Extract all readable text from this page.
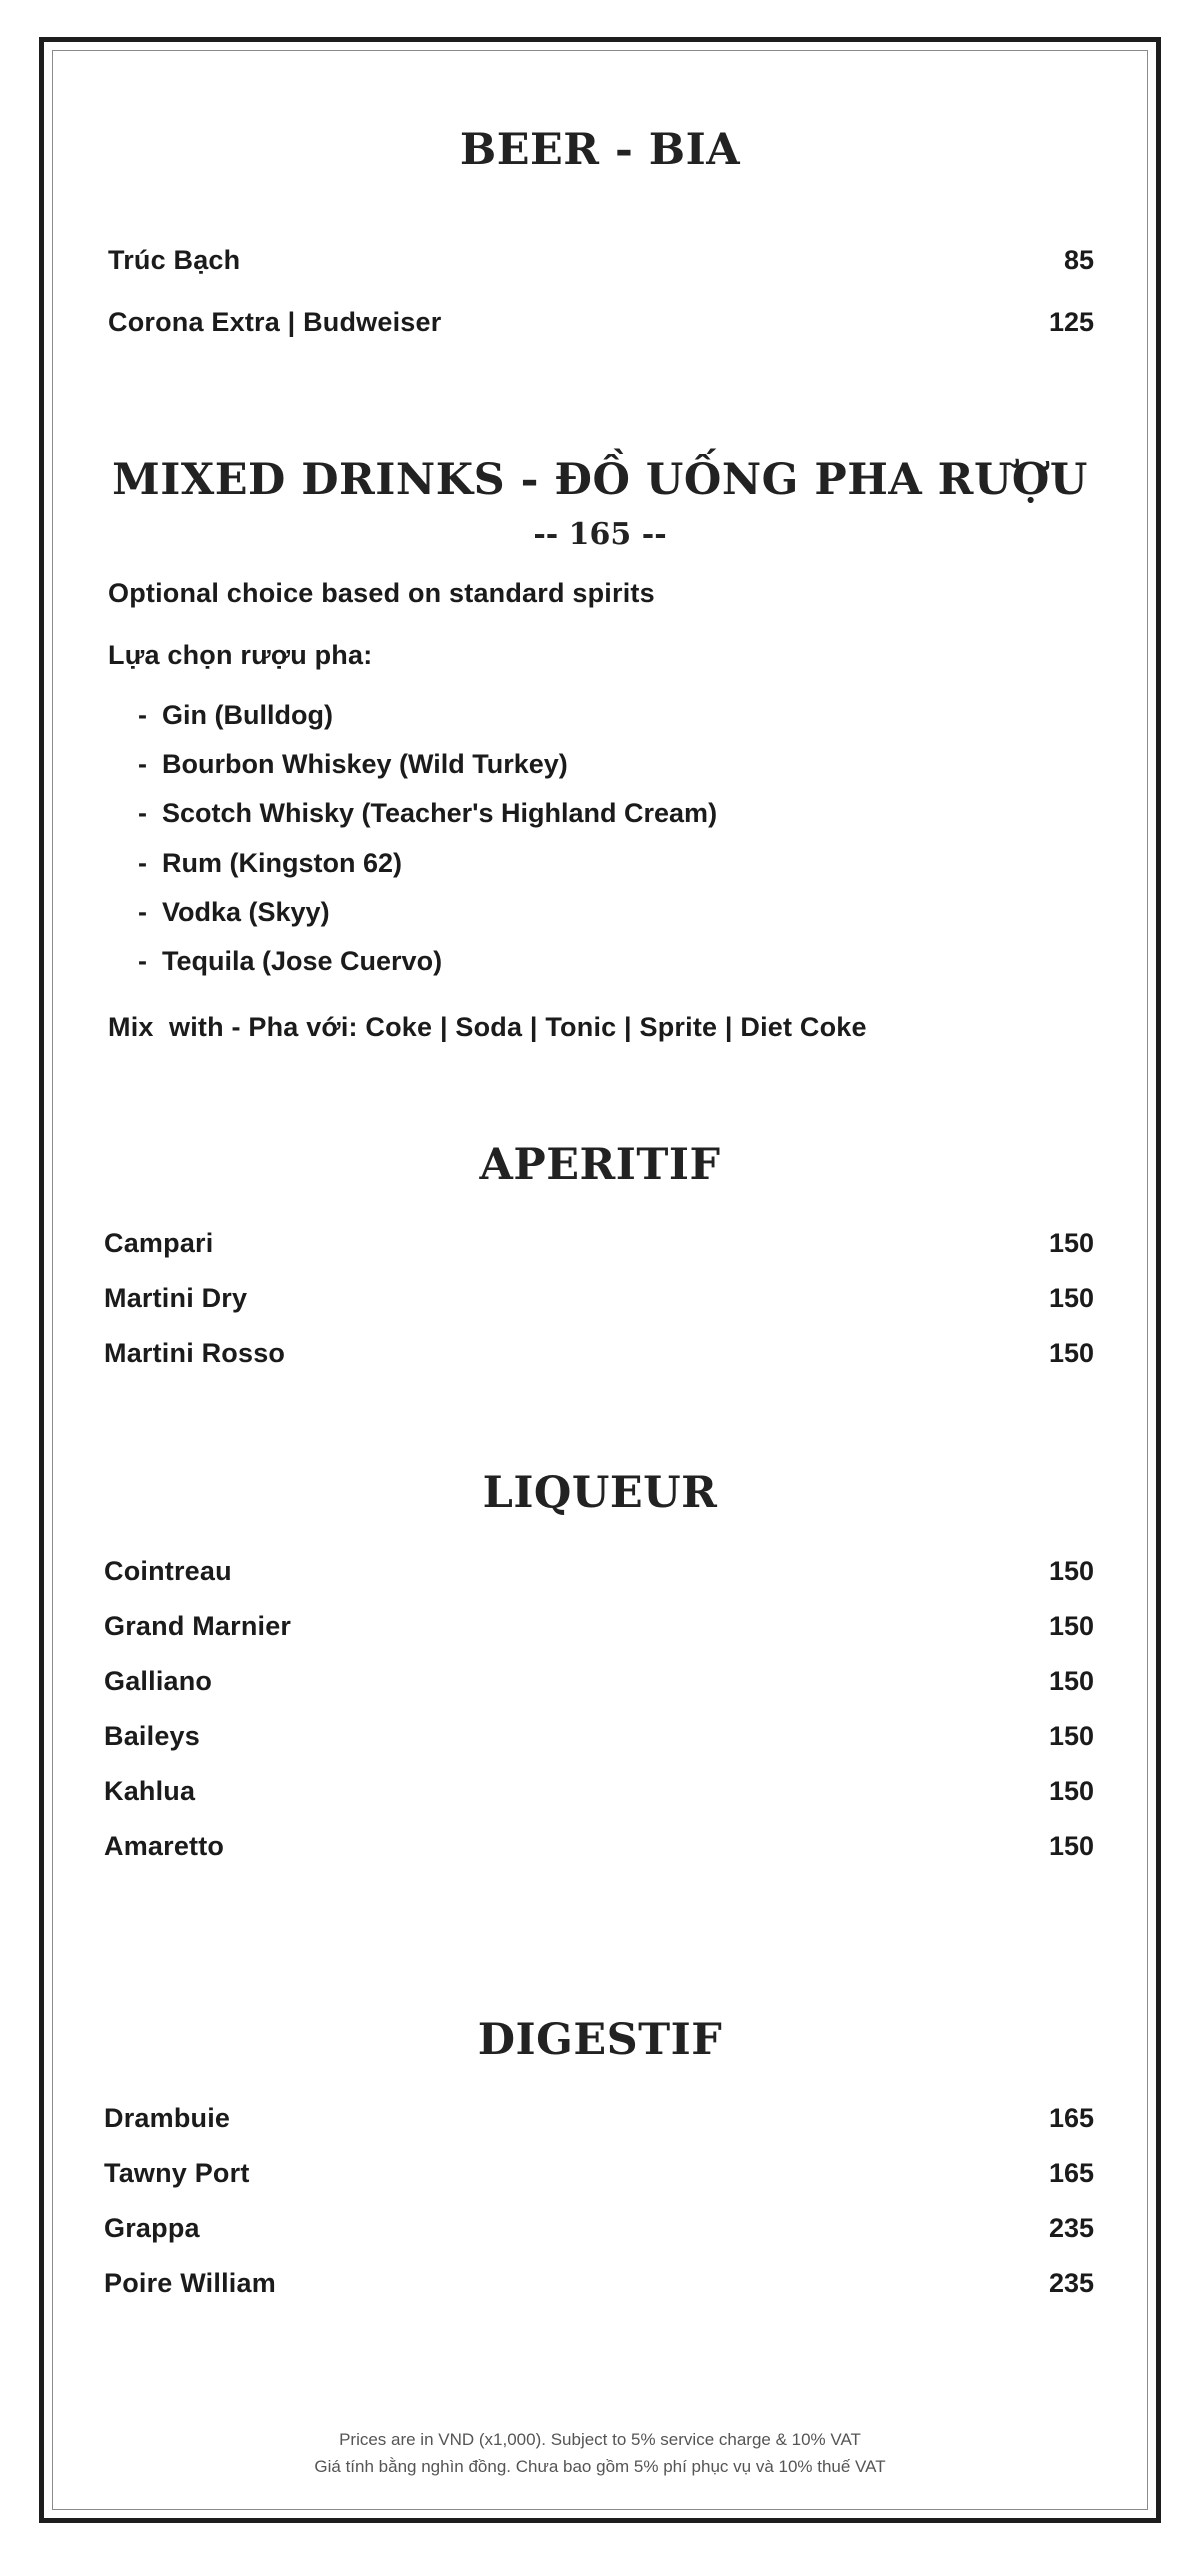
BEER - BIA
Trúc Bạch	85
Corona Extra | Budweiser	125
MIXED DRINKS - ĐỒ UỐNG PHA RƯỢU
-- 165 --
Optional choice based on standard spirits
Lựa chọn rượu pha:
- Gin (Bulldog)
- Bourbon Whiskey (Wild Turkey)
- Scotch Whisky (Teacher's Highland Cream)
- Rum (Kingston 62)
- Vodka (Skyy)
- Tequila (Jose Cuervo)
Mix  with - Pha với: Coke | Soda | Tonic | Sprite | Diet Coke
APERITIF
Campari	150
Martini Dry	150
Martini Rosso	150
LIQUEUR
Cointreau	150
Grand Marnier	150
Galliano	150
Baileys	150
Kahlua	150
Amaretto	150
DIGESTIF
Drambuie	165
Tawny Port	165
Grappa	235
Poire William	235
Prices are in VND (x1,000). Subject to 5% service charge & 10% VAT
Giá tính bằng nghìn đồng. Chưa bao gồm 5% phí phục vụ và 10% thuế VAT
